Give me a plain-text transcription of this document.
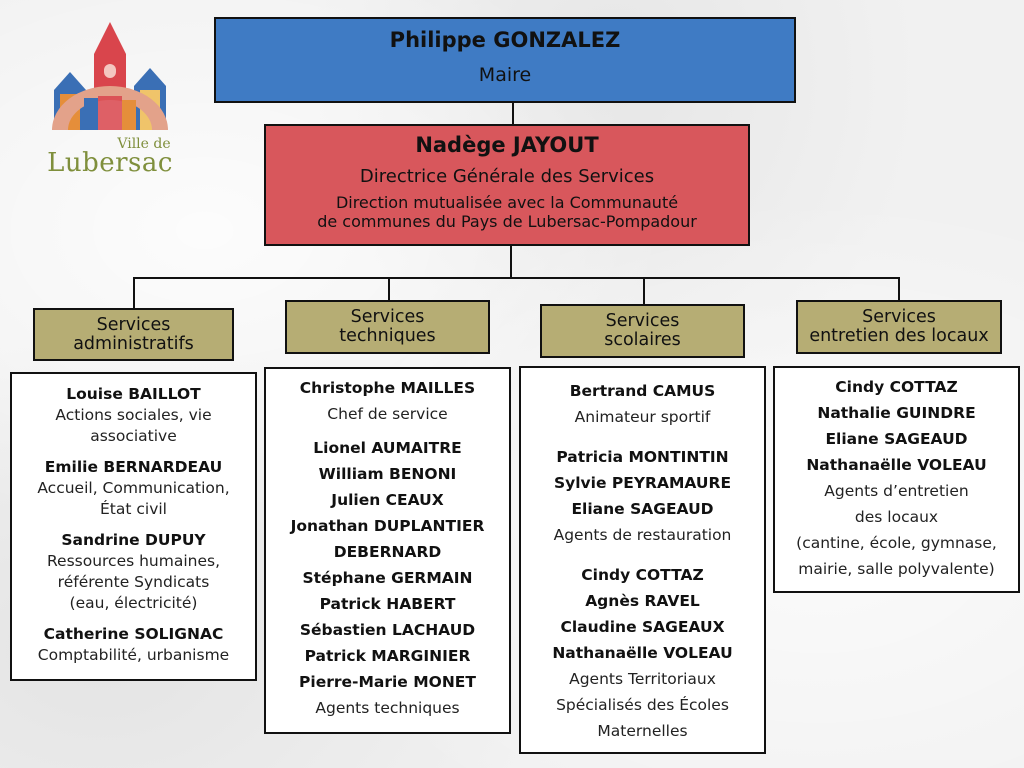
Ville de
Lubersac
Philippe GONZALEZ
Maire
Nadège JAYOUT
Directrice Générale des Services
Direction mutualisée avec la Communauté
de communes du Pays de Lubersac-Pompadour
Services
administratifs
Services
techniques
Services
scolaires
Services
entretien des locaux
Louise BAILLOT
Actions sociales, vie
associative
Emilie BERNARDEAU
Accueil, Communication,
État civil
Sandrine DUPUY
Ressources humaines,
référente Syndicats
(eau, électricité)
Catherine SOLIGNAC
Comptabilité, urbanisme
Christophe MAILLES
Chef de service
Lionel AUMAITRE
William BENONI
Julien CEAUX
Jonathan DUPLANTIER
DEBERNARD
Stéphane GERMAIN
Patrick HABERT
Sébastien LACHAUD
Patrick MARGINIER
Pierre-Marie MONET
Agents techniques
Bertrand CAMUS
Animateur sportif
Patricia MONTINTIN
Sylvie PEYRAMAURE
Eliane SAGEAUD
Agents de restauration
Cindy COTTAZ
Agnès RAVEL
Claudine SAGEAUX
Nathanaëlle VOLEAU
Agents Territoriaux
Spécialisés des Écoles
Maternelles
Cindy COTTAZ
Nathalie GUINDRE
Eliane SAGEAUD
Nathanaëlle VOLEAU
Agents d’entretien
des locaux
(cantine, école, gymnase,
mairie, salle polyvalente)
